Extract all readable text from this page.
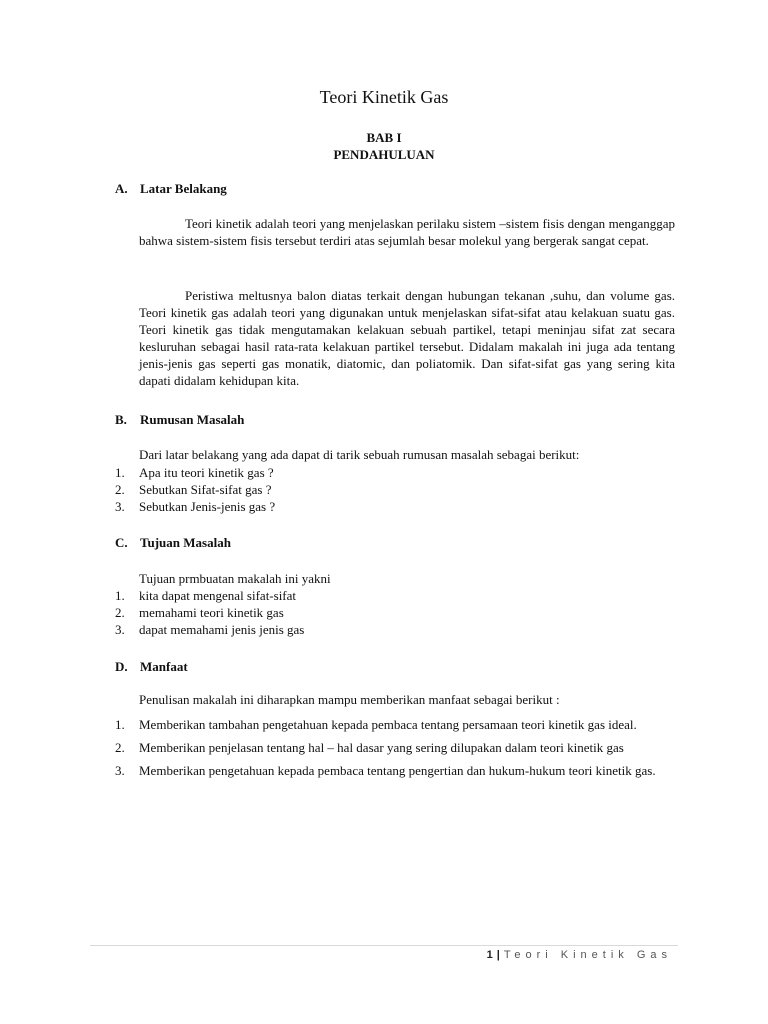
Teori Kinetik Gas
BAB I
PENDAHULUAN
A. Latar Belakang
Teori kinetik adalah teori yang menjelaskan perilaku sistem –sistem fisis dengan menganggap bahwa sistem-sistem fisis tersebut terdiri atas sejumlah besar molekul yang bergerak sangat cepat.
Peristiwa meltusnya balon diatas terkait dengan hubungan tekanan ,suhu, dan volume gas. Teori kinetik gas adalah teori yang digunakan untuk menjelaskan sifat-sifat atau kelakuan suatu gas. Teori kinetik gas tidak mengutamakan kelakuan sebuah partikel, tetapi meninjau sifat zat secara kesluruhan sebagai hasil rata-rata kelakuan partikel tersebut. Didalam makalah ini juga ada tentang jenis-jenis gas seperti gas monatik, diatomic, dan poliatomik. Dan sifat-sifat gas yang sering kita dapati didalam kehidupan kita.
B. Rumusan Masalah
Dari latar belakang yang ada dapat di tarik sebuah rumusan masalah sebagai berikut:
1. Apa itu teori kinetik gas ?
2. Sebutkan Sifat-sifat gas ?
3. Sebutkan Jenis-jenis gas ?
C. Tujuan Masalah
Tujuan prmbuatan makalah ini yakni
1. kita dapat mengenal sifat-sifat
2. memahami teori kinetik gas
3. dapat memahami jenis jenis gas
D. Manfaat
Penulisan makalah ini diharapkan mampu memberikan manfaat sebagai berikut :
1. Memberikan tambahan pengetahuan kepada pembaca tentang persamaan teori kinetik gas ideal.
2. Memberikan penjelasan tentang hal – hal dasar yang sering dilupakan dalam teori kinetik gas
3. Memberikan pengetahuan kepada pembaca tentang pengertian dan hukum-hukum teori kinetik gas.
1 | Teori Kinetik Gas
